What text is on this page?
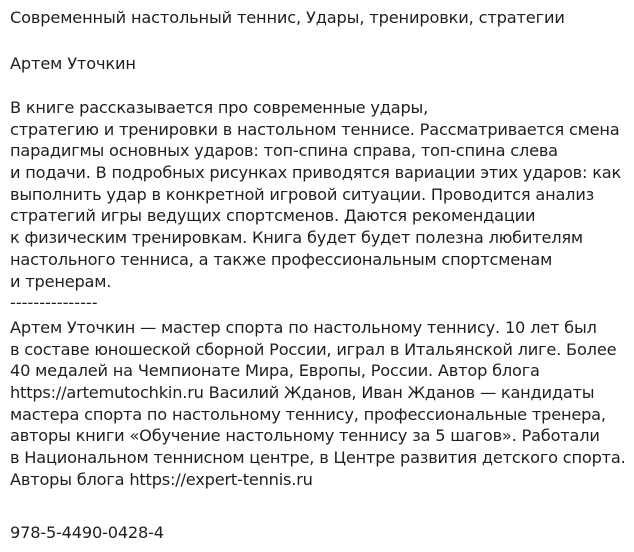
Современный настольный теннис, Удары, тренировки, стратегии
Артем Уточкин
В книге рассказывается про современные удары,
стратегию и тренировки в настольном теннисе. Рассматривается смена
парадигмы основных ударов: топ-спина справа, топ-спина слева
и подачи. В подробных рисунках приводятся вариации этих ударов: как
выполнить удар в конкретной игровой ситуации. Проводится анализ
стратегий игры ведущих спортсменов. Даются рекомендации
к физическим тренировкам. Книга будет будет полезна любителям
настольного тенниса, а также профессиональным спортсменам
и тренерам.
---------------
Артем Уточкин — мастер спорта по настольному теннису. 10 лет был
в составе юношеской сборной России, играл в Итальянской лиге. Более
40 медалей на Чемпионате Мира, Европы, России. Автор блога
https://artemutochkin.ru Василий Жданов, Иван Жданов — кандидаты
мастера спорта по настольному теннису, профессиональные тренера,
авторы книги «Обучение настольному теннису за 5 шагов». Работали
в Национальном теннисном центре, в Центре развития детского спорта.
Авторы блога https://expert-tennis.ru
978-5-4490-0428-4
